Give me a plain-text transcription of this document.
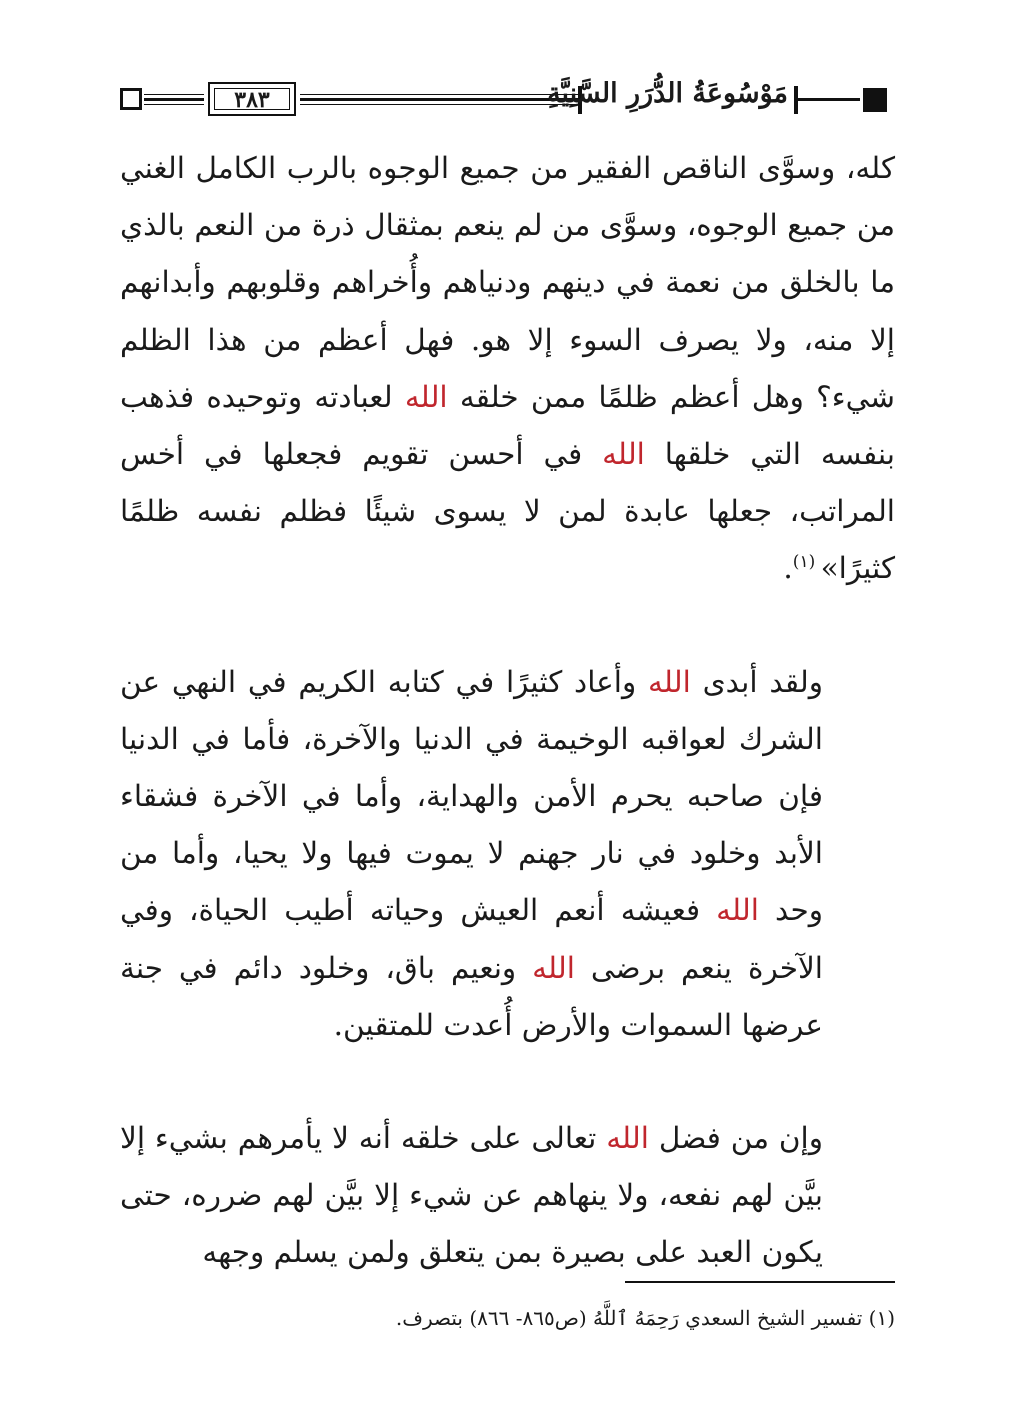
٣٨٣	مَوْسُوعَةُ الدُّرَرِ السَّنِيَّةِ

كله، وسوَّى الناقص الفقير من جميع الوجوه بالرب الكامل الغني من جميع الوجوه، وسوَّى من لم ينعم بمثقال ذرة من النعم بالذي ما بالخلق من نعمة في دينهم ودنياهم وأُخراهم وقلوبهم وأبدانهم إلا منه، ولا يصرف السوء إلا هو. فهل أعظم من هذا الظلم شيء؟ وهل أعظم ظلمًا ممن خلقه الله لعبادته وتوحيده فذهب بنفسه التي خلقها الله في أحسن تقويم فجعلها في أخس المراتب، جعلها عابدة لمن لا يسوى شيئًا فظلم نفسه ظلمًا كثيرًا» $^{(١)}$.

ولقد أبدى الله وأعاد كثيرًا في كتابه الكريم في النهي عن الشرك لعواقبه الوخيمة في الدنيا والآخرة، فأما في الدنيا فإن صاحبه يحرم الأمن والهداية، وأما في الآخرة فشقاء الأبد وخلود في نار جهنم لا يموت فيها ولا يحيا، وأما من وحد الله فعيشه أنعم العيش وحياته أطيب الحياة، وفي الآخرة ينعم برضى الله ونعيم باق، وخلود دائم في جنة عرضها السموات والأرض أُعدت للمتقين.

وإن من فضل الله تعالى على خلقه أنه لا يأمرهم بشيء إلا بيَّن لهم نفعه، ولا ينهاهم عن شيء إلا بيَّن لهم ضرره، حتى يكون العبد على بصيرة بمن يتعلق ولمن يسلم وجهه

(١) تفسير الشيخ السعدي رَحِمَهُ ٱللَّهُ (ص٨٦٥- ٨٦٦) بتصرف.
